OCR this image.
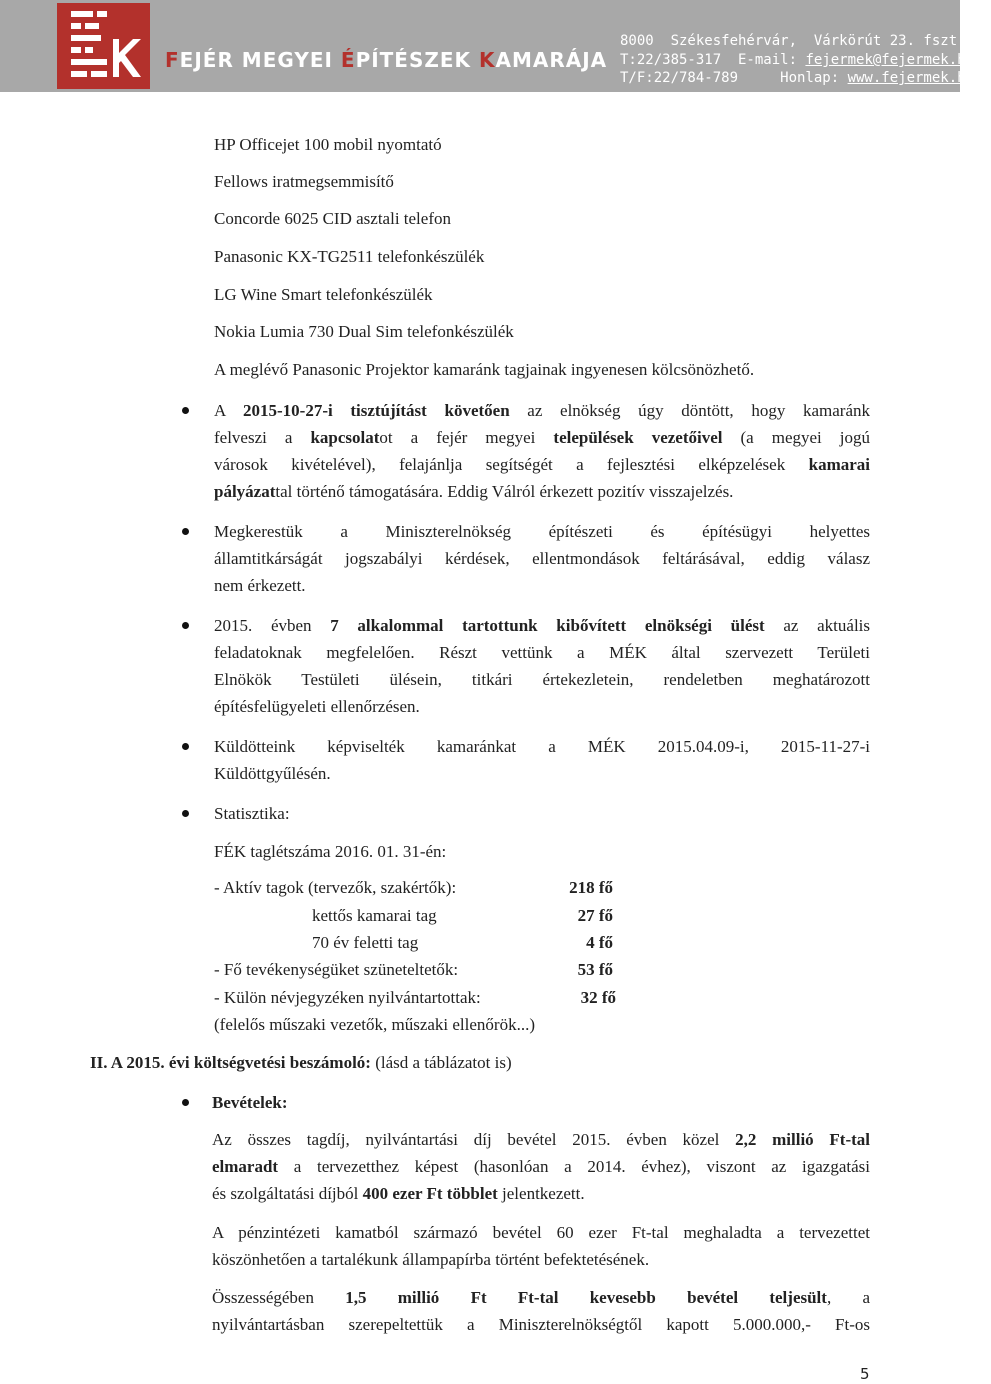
FEJÉR MEGYEI ÉPÍTÉSZEK KAMARÁJA
8000  Székesfehérvár,  Várkörút 23. fszt. 3.
T:22/385-317  E-mail: fejermek@fejermek.hu
T/F:22/784-789     Honlap: www.fejermek.hu
HP Officejet 100 mobil nyomtató
Fellows iratmegsemmisítő
Concorde 6025 CID asztali telefon
Panasonic KX-TG2511 telefonkészülék
LG Wine Smart telefonkészülék
Nokia Lumia 730 Dual Sim telefonkészülék
A meglévő Panasonic Projektor kamaránk tagjainak ingyenesen kölcsönözhető.
A 2015-10-27-i tisztújítást követően az elnökség úgy döntött, hogy kamaránk
felveszi a kapcsolatot a fejér megyei települések vezetőivel (a megyei jogú
városok kivételével), felajánlja segítségét a fejlesztési elképzelések kamarai
pályázattal történő támogatására. Eddig Válról érkezett pozitív visszajelzés.
Megkerestük a Miniszterelnökség építészeti és építésügyi helyettes
államtitkárságát jogszabályi kérdések, ellentmondások feltárásával, eddig válasz
nem érkezett.
2015. évben 7 alkalommal tartottunk kibővített elnökségi ülést az aktuális
feladatoknak megfelelően. Részt vettünk a MÉK által szervezett Területi
Elnökök Testületi ülésein, titkári értekezletein, rendeletben meghatározott
építésfelügyeleti ellenőrzésen.
Küldötteink képviselték kamaránkat a MÉK 2015.04.09-i, 2015-11-27-i
Küldöttgyűlésén.
Statisztika:
FÉK taglétszáma 2016. 01. 31-én:
- Aktív tagok (tervezők, szakértők):	218 fő
kettős kamarai tag	27 fő
70 év feletti tag	4 fő
- Fő tevékenységüket szüneteltetők:	53 fő
- Külön névjegyzéken nyilvántartottak:	32 fő
(felelős műszaki vezetők, műszaki ellenőrök...)
II. A 2015. évi költségvetési beszámoló: (lásd a táblázatot is)
Bevételek:
Az összes tagdíj, nyilvántartási díj bevétel 2015. évben közel 2,2 millió Ft-tal
elmaradt a tervezetthez képest (hasonlóan a 2014. évhez), viszont az igazgatási
és szolgáltatási díjból 400 ezer Ft többlet jelentkezett.
A pénzintézeti kamatból származó bevétel 60 ezer Ft-tal meghaladta a tervezettet
köszönhetően a tartalékunk állampapírba történt befektetésének.
Összességében 1,5 millió Ft Ft-tal kevesebb bevétel teljesült, a
nyilvántartásban szerepeltettük a Miniszterelnökségtől kapott 5.000.000,- Ft-os
5
